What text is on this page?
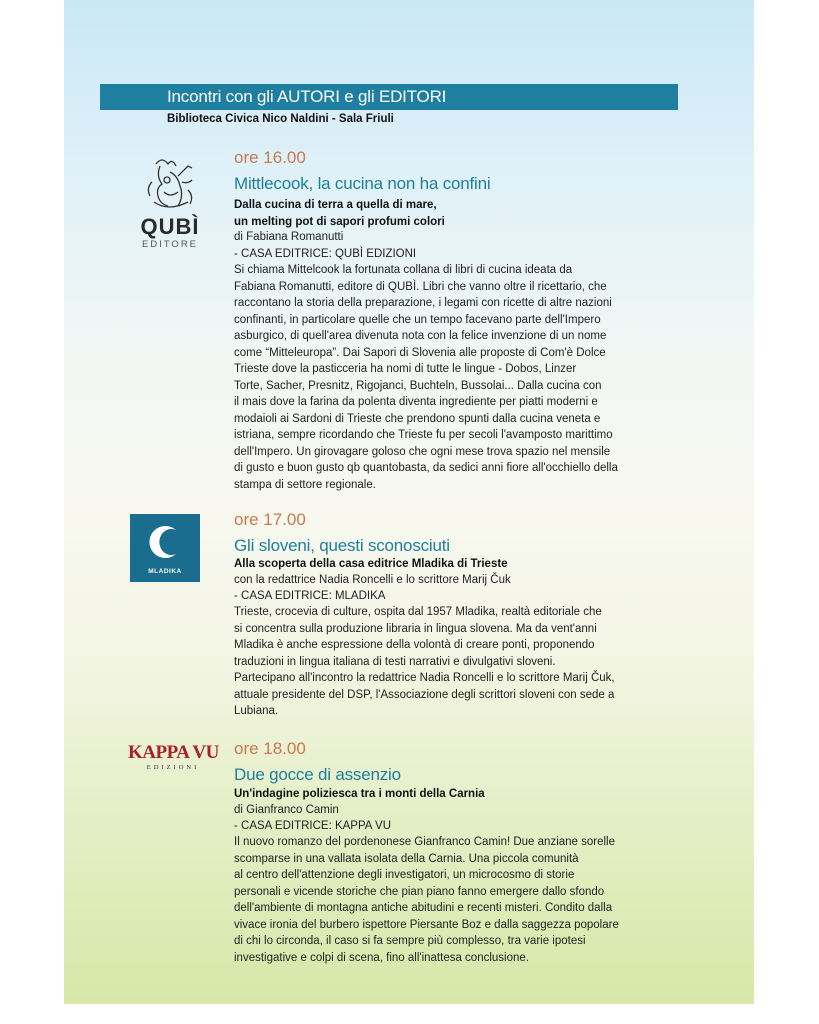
Incontri con gli AUTORI e gli EDITORI
Biblioteca Civica Nico Naldini - Sala Friuli
QUBÌ
EDITORE
ore 16.00
Mittlecook, la cucina non ha confini
Dalla cucina di terra a quella di mare,
un melting pot di sapori profumi colori
di Fabiana Romanutti
- CASA EDITRICE: QUBÌ EDIZIONI
Si chiama Mittelcook la fortunata collana di libri di cucina ideata da
Fabiana Romanutti, editore di QUBÌ. Libri che vanno oltre il ricettario, che
raccontano la storia della preparazione, i legami con ricette di altre nazioni
confinanti, in particolare quelle che un tempo facevano parte dell'Impero
asburgico, di quell'area divenuta nota con la felice invenzione di un nome
come “Mitteleuropa”. Dai Sapori di Slovenia alle proposte di Com'è Dolce
Trieste dove la pasticceria ha nomi di tutte le lingue - Dobos, Linzer
Torte, Sacher, Presnitz, Rigojanci, Buchteln, Bussolai... Dalla cucina con
il mais dove la farina da polenta diventa ingrediente per piatti moderni e
modaioli ai Sardoni di Trieste che prendono spunti dalla cucina veneta e
istriana, sempre ricordando che Trieste fu per secoli l'avamposto marittimo
dell'Impero. Un girovagare goloso che ogni mese trova spazio nel mensile
di gusto e buon gusto qb quantobasta, da sedici anni fiore all'occhiello della
stampa di settore regionale.
MLADIKA
ore 17.00
Gli sloveni, questi sconosciuti
Alla scoperta della casa editrice Mladika di Trieste
con la redattrice Nadia Roncelli e lo scrittore Marij Čuk
- CASA EDITRICE: MLADIKA
Trieste, crocevia di culture, ospita dal 1957 Mladika, realtà editoriale che
si concentra sulla produzione libraria in lingua slovena. Ma da vent'anni
Mladika è anche espressione della volontà di creare ponti, proponendo
traduzioni in lingua italiana di testi narrativi e divulgativi sloveni.
Partecipano all'incontro la redattrice Nadia Roncelli e lo scrittore Marij Čuk,
attuale presidente del DSP, l'Associazione degli scrittori sloveni con sede a
Lubiana.
KAPPA VU
EDIZIONI
ore 18.00
Due gocce di assenzio
Un'indagine poliziesca tra i monti della Carnia
di Gianfranco Camin
- CASA EDITRICE: KAPPA VU
Il nuovo romanzo del pordenonese Gianfranco Camin! Due anziane sorelle
scomparse in una vallata isolata della Carnia. Una piccola comunità
al centro dell'attenzione degli investigatori, un microcosmo di storie
personali e vicende storiche che pian piano fanno emergere dallo sfondo
dell'ambiente di montagna antiche abitudini e recenti misteri. Condito dalla
vivace ironia del burbero ispettore Piersante Boz e dalla saggezza popolare
di chi lo circonda, il caso si fa sempre più complesso, tra varie ipotesi
investigative e colpi di scena, fino all'inattesa conclusione.
